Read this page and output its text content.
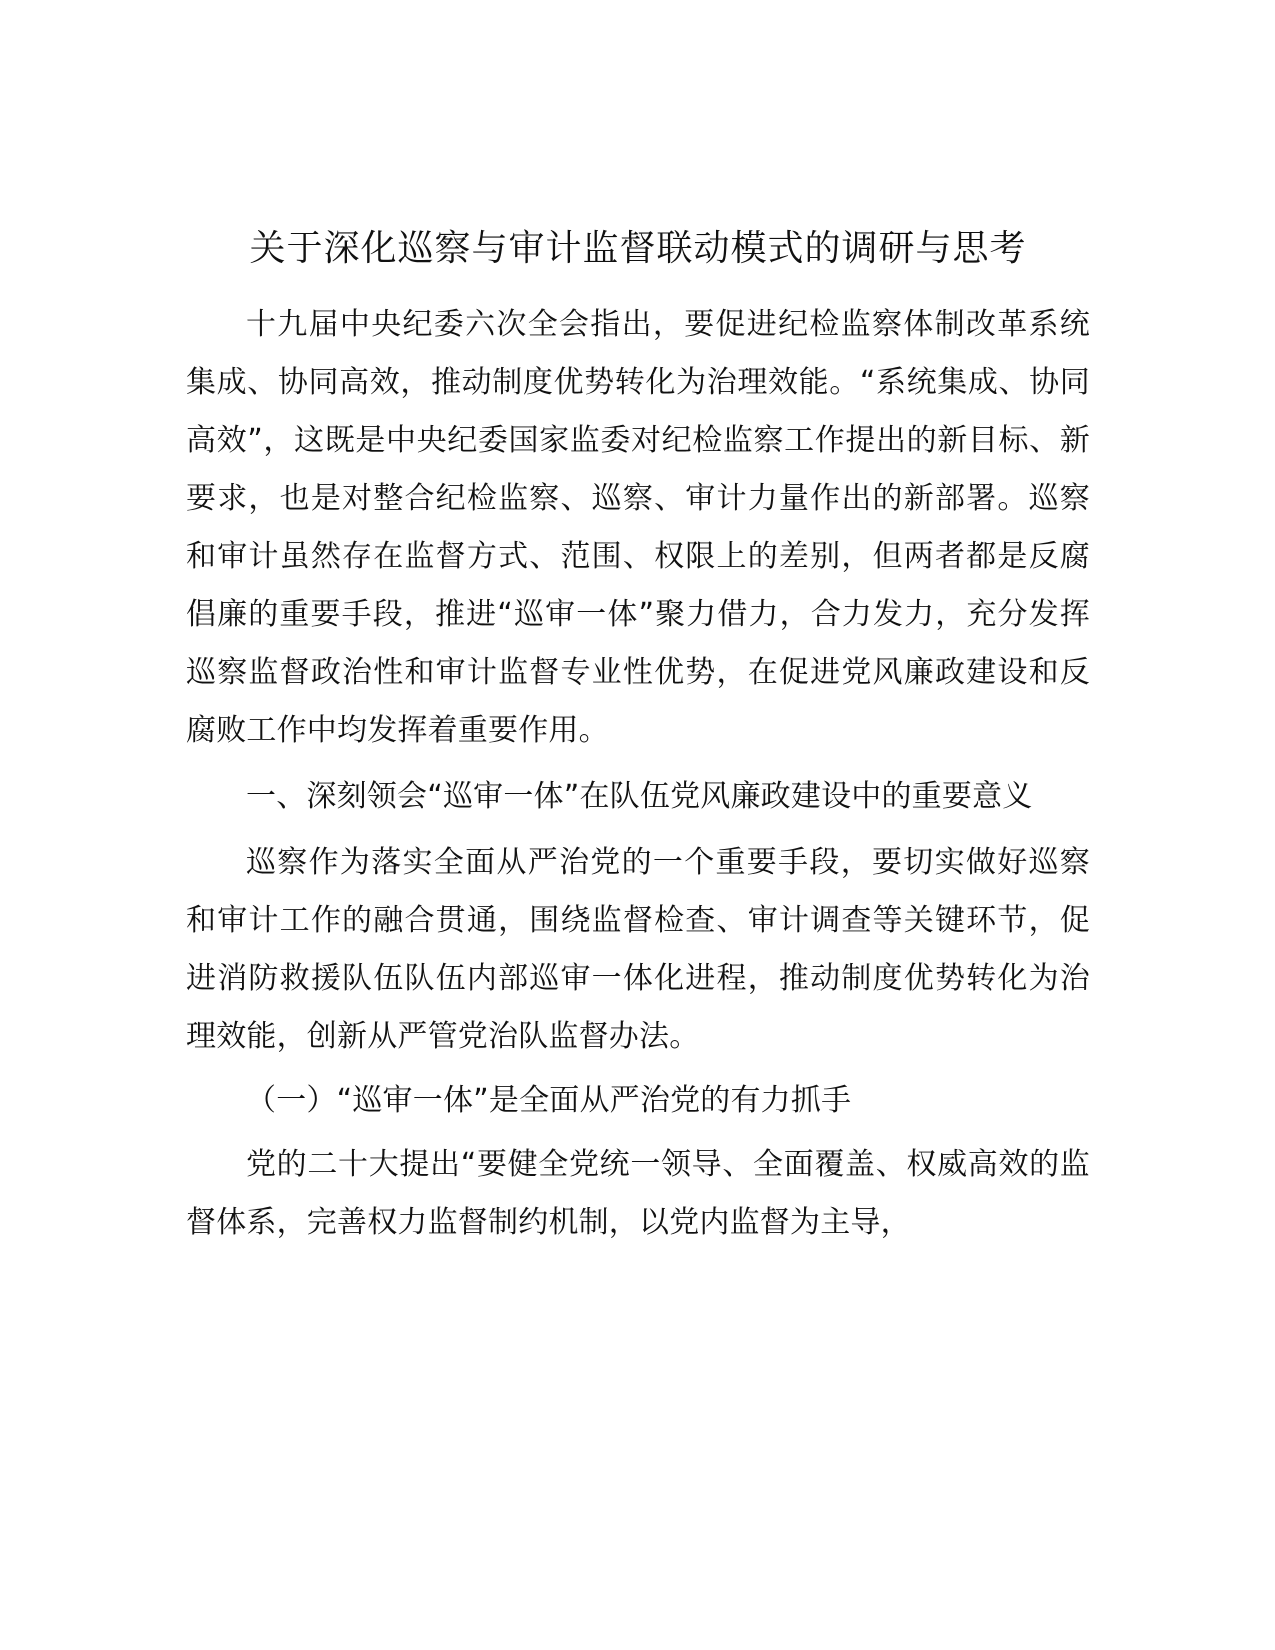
关于深化巡察与审计监督联动模式的调研与思考

十九届中央纪委六次全会指出，要促进纪检监察体制改革系统集成、协同高效，推动制度优势转化为治理效能。“系统集成、协同高效”，这既是中央纪委国家监委对纪检监察工作提出的新目标、新要求，也是对整合纪检监察、巡察、审计力量作出的新部署。巡察和审计虽然存在监督方式、范围、权限上的差别，但两者都是反腐倡廉的重要手段，推进“巡审一体”聚力借力，合力发力，充分发挥巡察监督政治性和审计监督专业性优势，在促进党风廉政建设和反腐败工作中均发挥着重要作用。

一、深刻领会“巡审一体”在队伍党风廉政建设中的重要意义

巡察作为落实全面从严治党的一个重要手段，要切实做好巡察和审计工作的融合贯通，围绕监督检查、审计调查等关键环节，促进消防救援队伍队伍内部巡审一体化进程，推动制度优势转化为治理效能，创新从严管党治队监督办法。

（一）“巡审一体”是全面从严治党的有力抓手

党的二十大提出“要健全党统一领导、全面覆盖、权威高效的监督体系，完善权力监督制约机制，以党内监督为主导，
